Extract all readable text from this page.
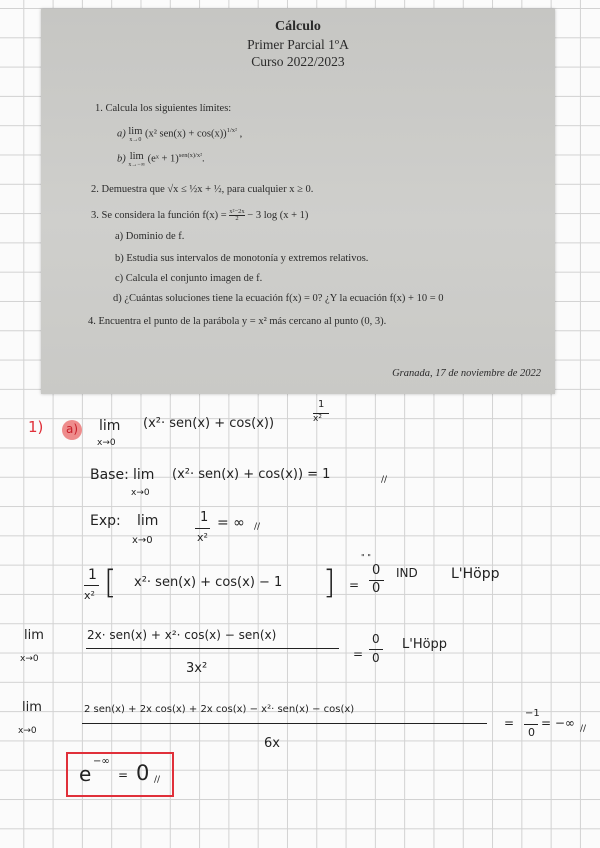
Cálculo
Primer Parcial 1ºA
Curso 2022/2023
1. Calcula los siguientes límites:
a) lim
x→0
(x² sen(x) + cos(x))$^{1/x^2}$ ,
b) lim
x→−∞
(eˣ + 1)$^{sen(x)/x^2}$.
2. Demuestra que √x ≤ ½x + ½, para cualquier x ≥ 0.
3. Se considera la función $f(x) = \frac{\text{x²−2x}}{2} - 3$ log (x + 1)
a) Dominio de f.
b) Estudia sus intervalos de monotonía y extremos relativos.
c) Calcula el conjunto imagen de f.
d) ¿Cuántas soluciones tiene la ecuación f(x) = 0? ¿Y la ecuación f(x) + 10 = 0
4. Encuentra el punto de la parábola y = x² más cercano al punto (0, 3).
Granada, 17 de noviembre de 2022
1)	a) lim
x→0
(x²· sen(x) + cos(x))
1
x²
Base: lim
x→0
(x²· sen(x) + cos(x)) = 1	//
Exp: lim
x→0
1
x²
= ∞ //
1
x² [ x²· sen(x) + cos(x) − 1 ] =
" "
0
0
IND L'Höpp
lim
x→0
2x· sen(x) + x²· cos(x) − sen(x)
3x²
=
0
0
L'Höpp
lim
x→0
2 sen(x) + 2x cos(x) + 2x cos(x) − x²· sen(x) − cos(x)
6x
=
−1
0
= −∞ //
e
−∞
= 0 //
